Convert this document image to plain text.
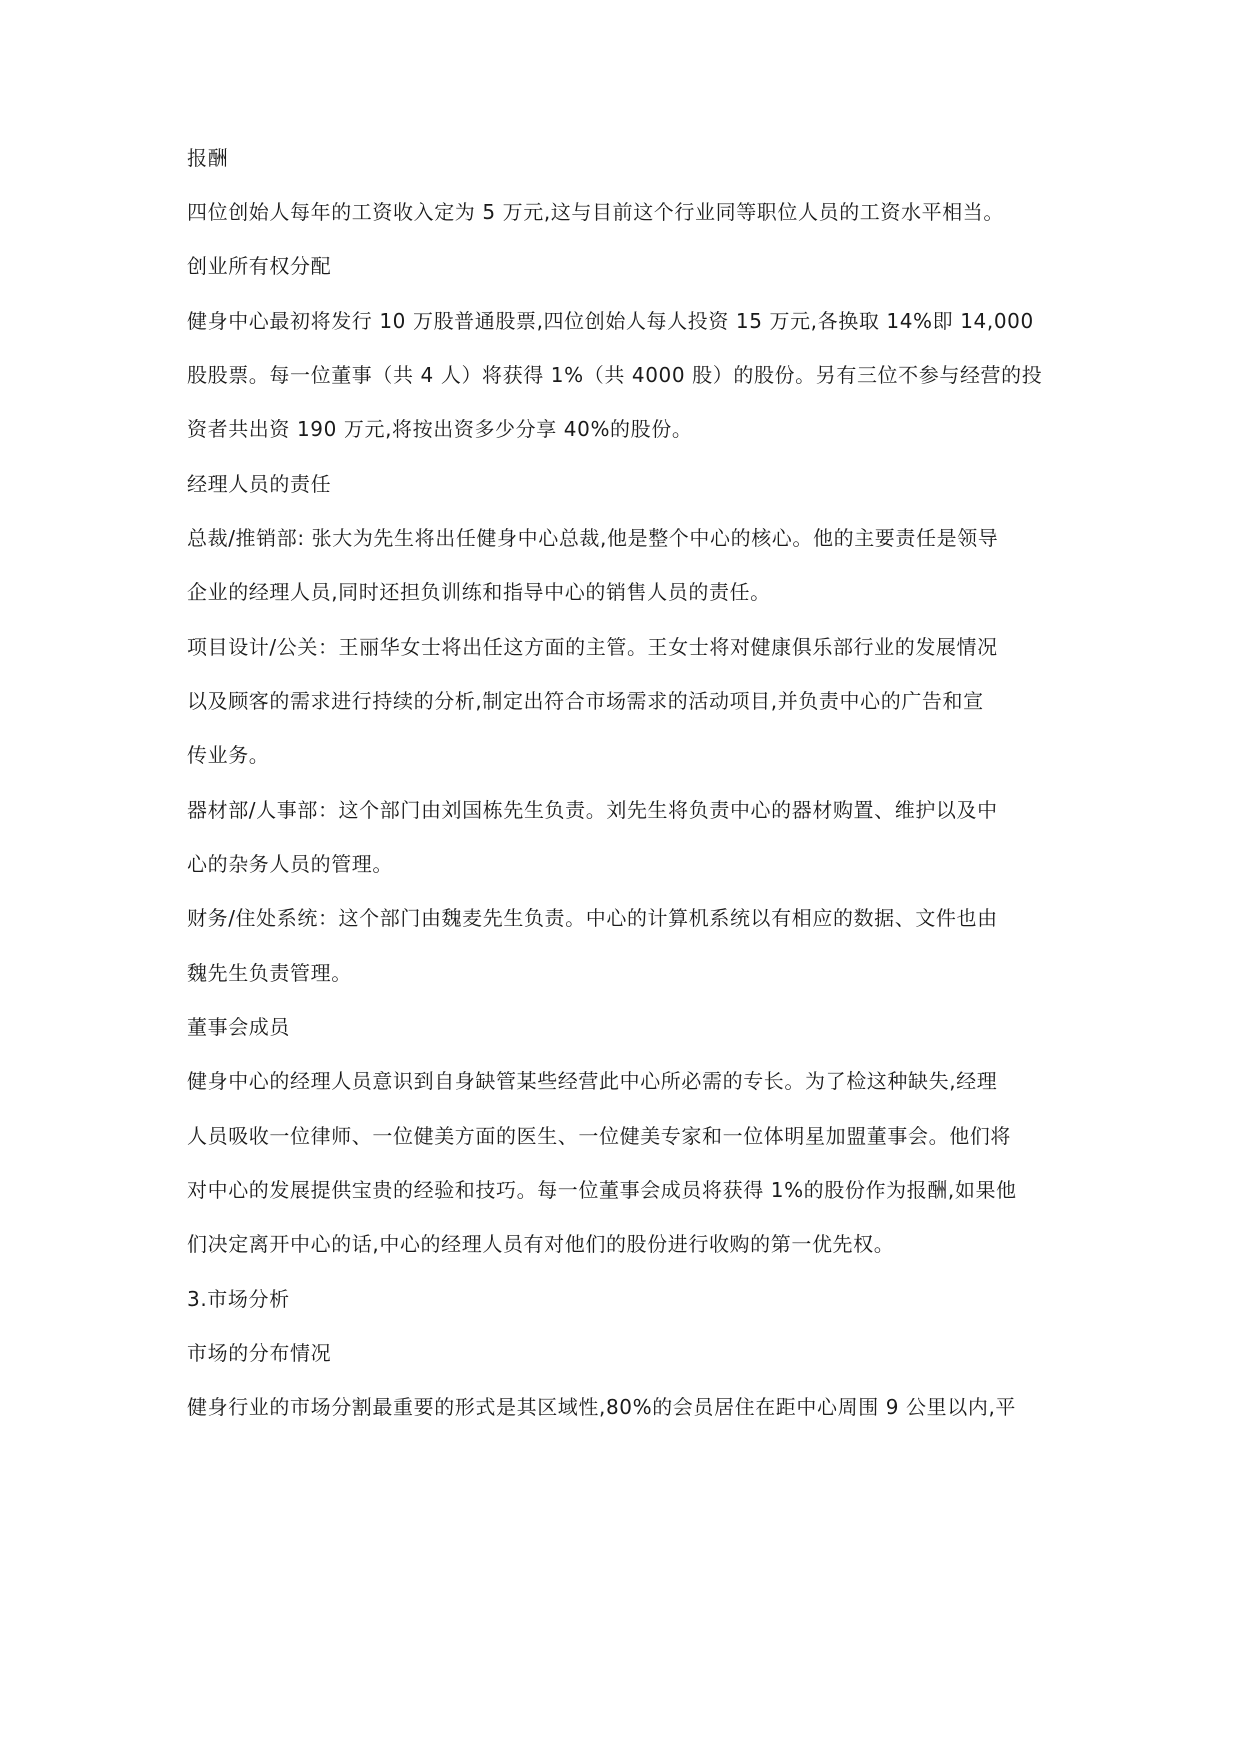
报酬
四位创始人每年的工资收入定为 5 万元,这与目前这个行业同等职位人员的工资水平相当。
创业所有权分配
健身中心最初将发行 10 万股普通股票,四位创始人每人投资 15 万元,各换取 14%即 14,000
股股票。每一位董事（共 4 人）将获得 1%（共 4000 股）的股份。另有三位不参与经营的投
资者共出资 190 万元,将按出资多少分享 40%的股份。
经理人员的责任
总裁/推销部: 张大为先生将出任健身中心总裁,他是整个中心的核心。他的主要责任是领导
企业的经理人员,同时还担负训练和指导中心的销售人员的责任。
项目设计/公关：王丽华女士将出任这方面的主管。王女士将对健康俱乐部行业的发展情况
以及顾客的需求进行持续的分析,制定出符合市场需求的活动项目,并负责中心的广告和宣
传业务。
器材部/人事部：这个部门由刘国栋先生负责。刘先生将负责中心的器材购置、维护以及中
心的杂务人员的管理。
财务/住处系统：这个部门由魏麦先生负责。中心的计算机系统以有相应的数据、文件也由
魏先生负责管理。
董事会成员
健身中心的经理人员意识到自身缺管某些经营此中心所必需的专长。为了检这种缺失,经理
人员吸收一位律师、一位健美方面的医生、一位健美专家和一位体明星加盟董事会。他们将
对中心的发展提供宝贵的经验和技巧。每一位董事会成员将获得 1%的股份作为报酬,如果他
们决定离开中心的话,中心的经理人员有对他们的股份进行收购的第一优先权。
3.市场分析
市场的分布情况
健身行业的市场分割最重要的形式是其区域性,80%的会员居住在距中心周围 9 公里以内,平
